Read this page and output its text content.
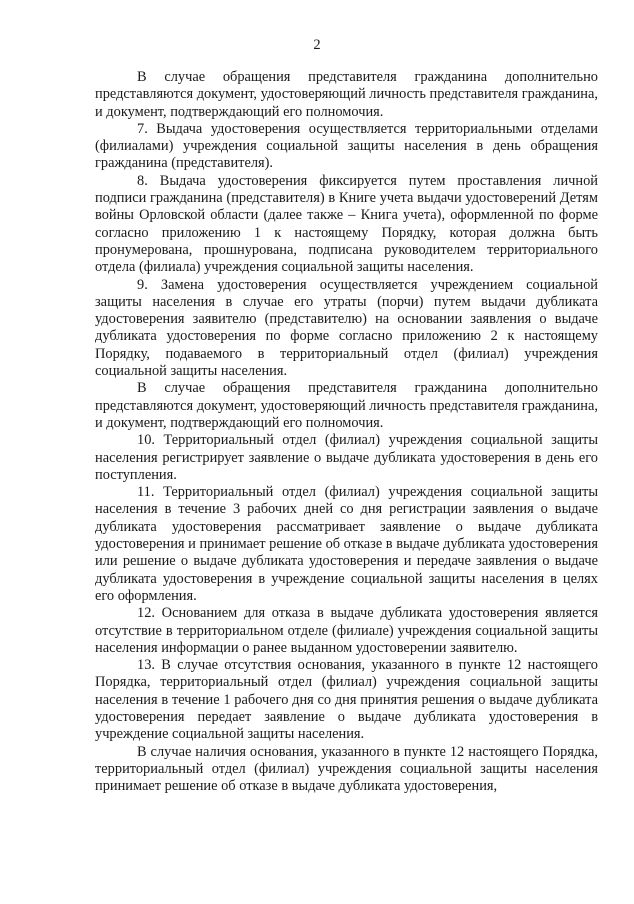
2

В случае обращения представителя гражданина дополнительно представляются документ, удостоверяющий личность представителя гражданина, и документ, подтверждающий его полномочия.

7. Выдача удостоверения осуществляется территориальными отделами (филиалами) учреждения социальной защиты населения в день обращения гражданина (представителя).

8. Выдача удостоверения фиксируется путем проставления личной подписи гражданина (представителя) в Книге учета выдачи удостоверений Детям войны Орловской области (далее также – Книга учета), оформленной по форме согласно приложению 1 к настоящему Порядку, которая должна быть пронумерована, прошнурована, подписана руководителем территориального отдела (филиала) учреждения социальной защиты населения.

9. Замена удостоверения осуществляется учреждением социальной защиты населения в случае его утраты (порчи) путем выдачи дубликата удостоверения заявителю (представителю) на основании заявления о выдаче дубликата удостоверения по форме согласно приложению 2 к настоящему Порядку, подаваемого в территориальный отдел (филиал) учреждения социальной защиты населения.

В случае обращения представителя гражданина дополнительно представляются документ, удостоверяющий личность представителя гражданина, и документ, подтверждающий его полномочия.

10. Территориальный отдел (филиал) учреждения социальной защиты населения регистрирует заявление о выдаче дубликата удостоверения в день его поступления.

11. Территориальный отдел (филиал) учреждения социальной защиты населения в течение 3 рабочих дней со дня регистрации заявления о выдаче дубликата удостоверения рассматривает заявление о выдаче дубликата удостоверения и принимает решение об отказе в выдаче дубликата удостоверения или решение о выдаче дубликата удостоверения и передаче заявления о выдаче дубликата удостоверения в учреждение социальной защиты населения в целях его оформления.

12. Основанием для отказа в выдаче дубликата удостоверения является отсутствие в территориальном отделе (филиале) учреждения социальной защиты населения информации о ранее выданном удостоверении заявителю.

13. В случае отсутствия основания, указанного в пункте 12 настоящего Порядка, территориальный отдел (филиал) учреждения социальной защиты населения в течение 1 рабочего дня со дня принятия решения о выдаче дубликата удостоверения передает заявление о выдаче дубликата удостоверения в учреждение социальной защиты населения.

В случае наличия основания, указанного в пункте 12 настоящего Порядка, территориальный отдел (филиал) учреждения социальной защиты населения принимает решение об отказе в выдаче дубликата удостоверения,
